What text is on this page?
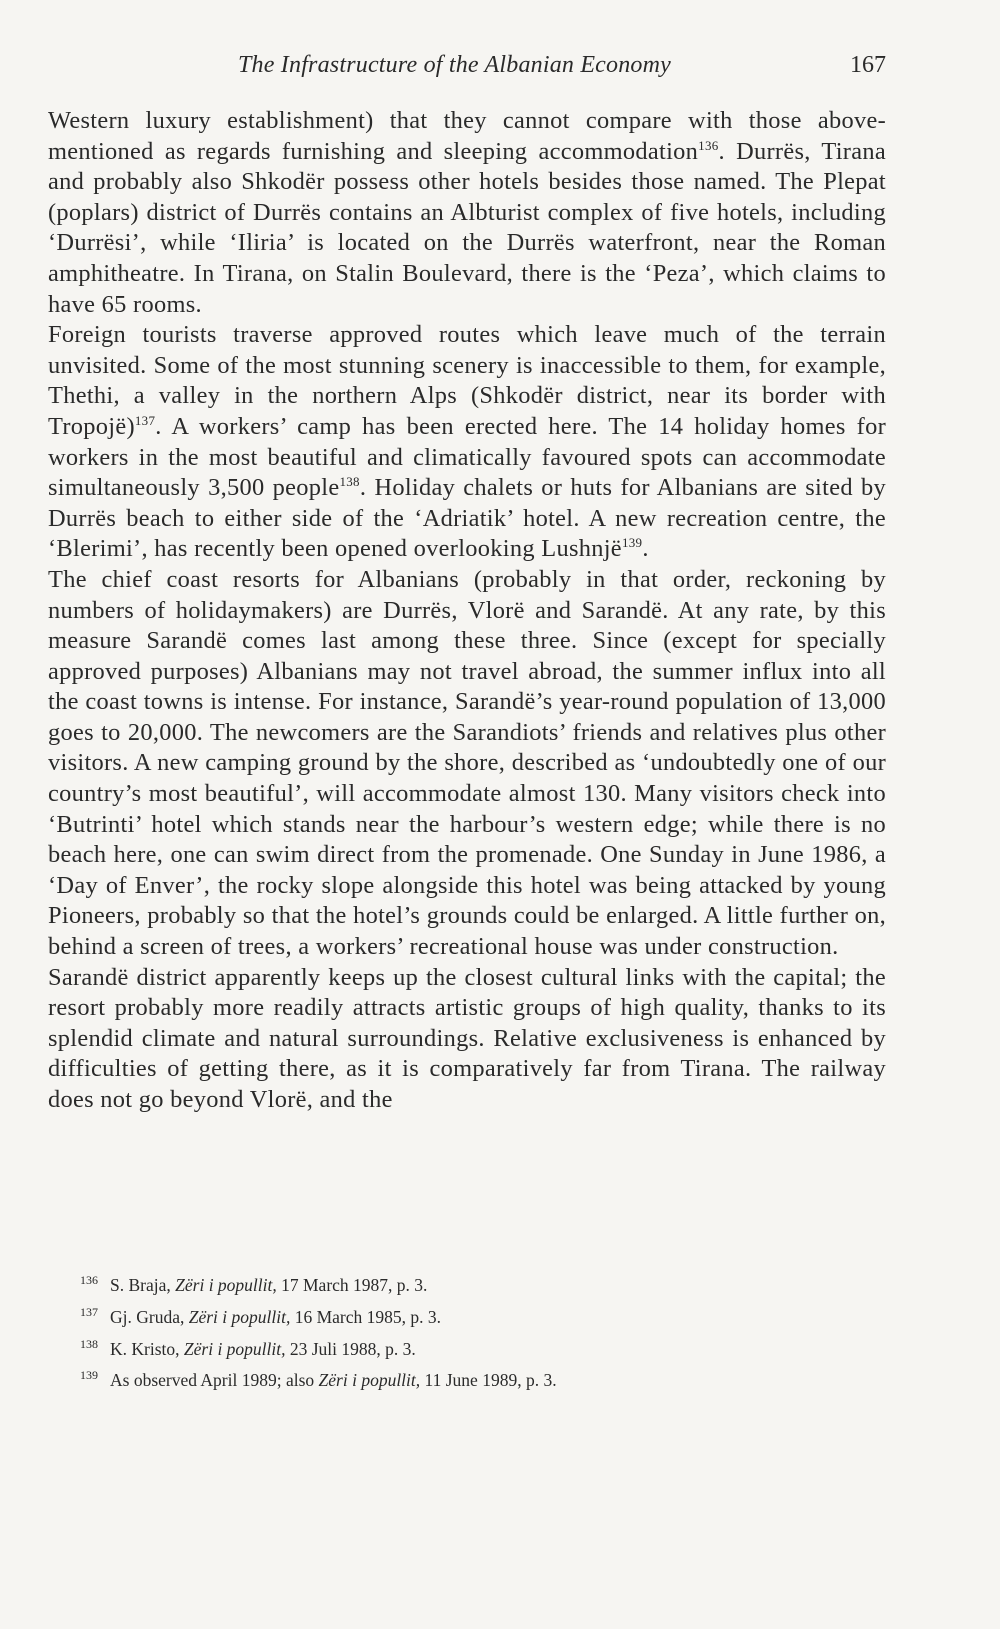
The Infrastructure of the Albanian Economy	167

Western luxury establishment) that they cannot compare with those above-mentioned as regards furnishing and sleeping accommodation$^{136}$. Durrës, Tirana and probably also Shkodër possess other hotels besides those named. The Plepat (poplars) district of Durrës contains an Albturist complex of five hotels, including ‘Durrësi’, while ‘Iliria’ is located on the Durrës waterfront, near the Roman amphitheatre. In Tirana, on Stalin Boulevard, there is the ‘Peza’, which claims to have 65 rooms.

Foreign tourists traverse approved routes which leave much of the terrain unvisited. Some of the most stunning scenery is inaccessible to them, for example, Thethi, a valley in the northern Alps (Shkodër district, near its border with Tropojë)$^{137}$. A workers’ camp has been erected here. The 14 holiday homes for workers in the most beautiful and climatically favoured spots can accommodate simultaneously 3,500 people$^{138}$. Holiday chalets or huts for Albanians are sited by Durrës beach to either side of the ‘Adriatik’ hotel. A new recreation centre, the ‘Blerimi’, has recently been opened overlooking Lushnjë$^{139}$.

The chief coast resorts for Albanians (probably in that order, reckoning by numbers of holidaymakers) are Durrës, Vlorë and Sarandë. At any rate, by this measure Sarandë comes last among these three. Since (except for specially approved purposes) Albanians may not travel abroad, the summer influx into all the coast towns is intense. For instance, Sarandë’s year-round population of 13,000 goes to 20,000. The newcomers are the Sarandiots’ friends and relatives plus other visitors. A new camping ground by the shore, described as ‘undoubtedly one of our country’s most beautiful’, will accommodate almost 130. Many visitors check into ‘Butrinti’ hotel which stands near the harbour’s western edge; while there is no beach here, one can swim direct from the promenade. One Sunday in June 1986, a ‘Day of Enver’, the rocky slope alongside this hotel was being attacked by young Pioneers, probably so that the hotel’s grounds could be enlarged. A little further on, behind a screen of trees, a workers’ recreational house was under construction.

Sarandë district apparently keeps up the closest cultural links with the capital; the resort probably more readily attracts artistic groups of high quality, thanks to its splendid climate and natural surroundings. Relative exclusiveness is enhanced by difficulties of getting there, as it is comparatively far from Tirana. The railway does not go beyond Vlorë, and the

136 S. Braja, Zëri i popullit, 17 March 1987, p. 3.

137 Gj. Gruda, Zëri i popullit, 16 March 1985, p. 3.

138 K. Kristo, Zëri i popullit, 23 Juli 1988, p. 3.

139 As observed April 1989; also Zëri i popullit, 11 June 1989, p. 3.
